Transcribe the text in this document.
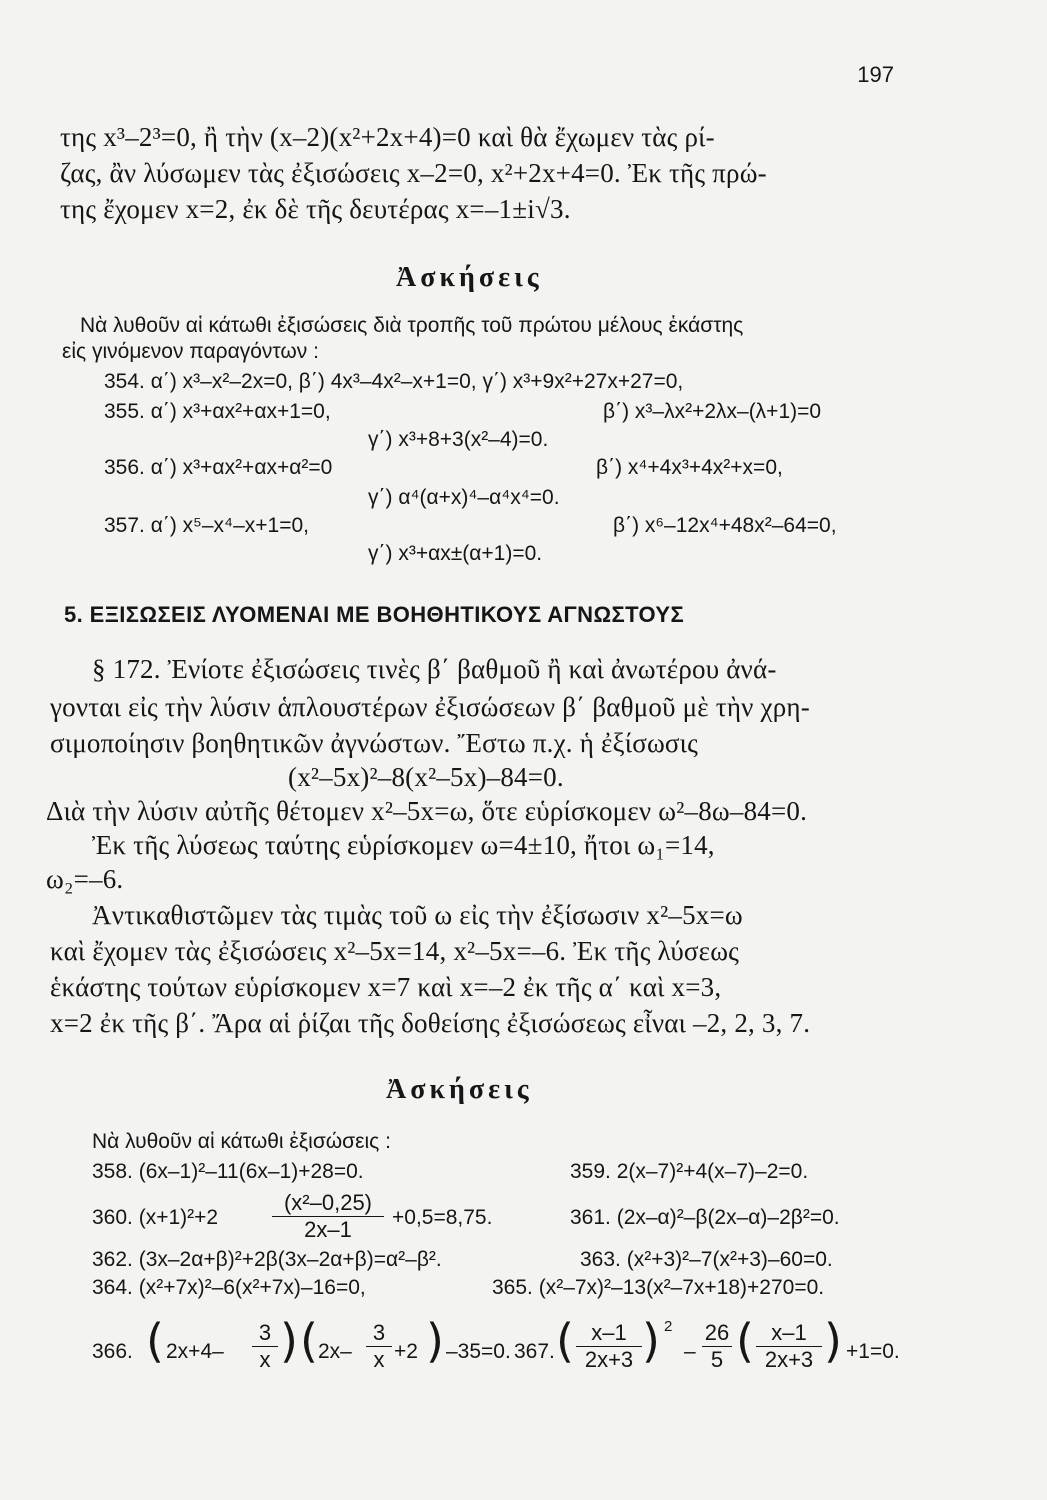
197
της x³–2³=0, ἢ τὴν (x–2)(x²+2x+4)=0 καὶ θὰ ἔχωμεν τὰς ρί-
ζας, ἂν λύσωμεν τὰς ἐξισώσεις x–2=0, x²+2x+4=0. Ἐκ τῆς πρώ-
της ἔχομεν x=2, ἐκ δὲ τῆς δευτέρας x=–1±i√3.
Ἀσκήσεις
Νὰ λυθοῦν αἱ κάτωθι ἐξισώσεις διὰ τροπῆς τοῦ πρώτου μέλους ἑκάστης
εἰς γινόμενον παραγόντων :
354. α΄) x³–x²–2x=0, β΄) 4x³–4x²–x+1=0, γ΄) x³+9x²+27x+27=0,
355. α΄) x³+αx²+αx+1=0,	β΄) x³–λx²+2λx–(λ+1)=0
γ΄) x³+8+3(x²–4)=0.
356. α΄) x³+αx²+αx+α²=0	β΄) x⁴+4x³+4x²+x=0,
γ΄) α⁴(α+x)⁴–α⁴x⁴=0.
357. α΄) x⁵–x⁴–x+1=0,	β΄) x⁶–12x⁴+48x²–64=0,
γ΄) x³+αx±(α+1)=0.
5. ΕΞΙΣΩΣΕΙΣ ΛΥΟΜΕΝΑΙ ΜΕ ΒΟΗΘΗΤΙΚΟΥΣ ΑΓΝΩΣΤΟΥΣ
§ 172. Ἐνίοτε ἐξισώσεις τινὲς β΄ βαθμοῦ ἢ καὶ ἀνωτέρου ἀνά-
γονται εἰς τὴν λύσιν ἁπλουστέρων ἐξισώσεων β΄ βαθμοῦ μὲ τὴν χρη-
σιμοποίησιν βοηθητικῶν ἀγνώστων. Ἔστω π.χ. ἡ ἐξίσωσις
(x²–5x)²–8(x²–5x)–84=0.
Διὰ τὴν λύσιν αὐτῆς θέτομεν x²–5x=ω, ὅτε εὑρίσκομεν ω²–8ω–84=0.
Ἐκ τῆς λύσεως ταύτης εὑρίσκομεν ω=4±10, ἤτοι ω₁=14,
ω₂=–6.
Ἀντικαθιστῶμεν τὰς τιμὰς τοῦ ω εἰς τὴν ἐξίσωσιν x²–5x=ω
καὶ ἔχομεν τὰς ἐξισώσεις x²–5x=14, x²–5x=–6. Ἐκ τῆς λύσεως
ἑκάστης τούτων εὑρίσκομεν x=7 καὶ x=–2 ἐκ τῆς α΄ καὶ x=3,
x=2 ἐκ τῆς β΄. Ἄρα αἱ ῥίζαι τῆς δοθείσης ἐξισώσεως εἶναι –2, 2, 3, 7.
Ἀσκήσεις
Νὰ λυθοῦν αἱ κάτωθι ἐξισώσεις :
358. (6x–1)²–11(6x–1)+28=0.	359. 2(x–7)²+4(x–7)–2=0.
360. $(x+1)^2+2 \frac{\text{(x²–0,25)}}{2x-1} +0,5=8,75$.	361. (2x–α)²–β(2x–α)–2β²=0.
362. (3x–2α+β)²+2β(3x–2α+β)=α²–β².	363. (x²+3)²–7(x²+3)–60=0.
364. (x²+7x)²–6(x²+7x)–16=0,	365. (x²–7x)²–13(x²–7x+18)+270=0.
366. ( $2x+4- \frac{3}{x}$ ) ( $2x- \frac{3}{x} +2$ ) –35=0. 367. ( $\frac{x-1}{2x+3}$ ) 2
– $\frac{26}{5}$ ( $\frac{x-1}{2x+3}$ ) +1=0.
